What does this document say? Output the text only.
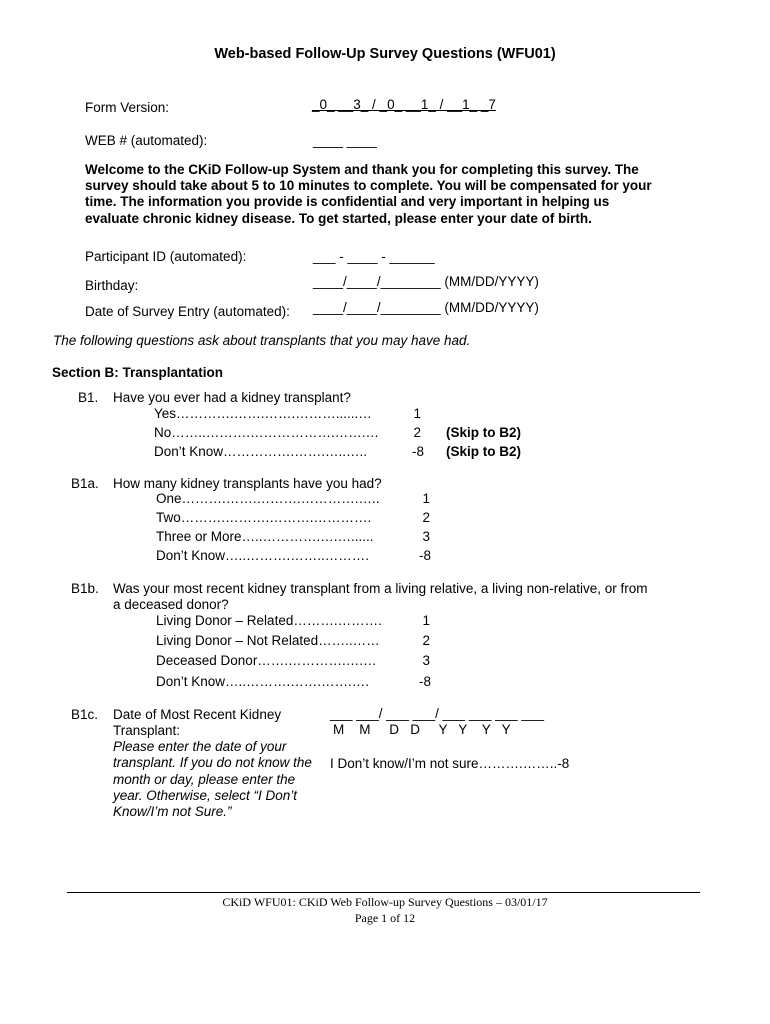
Web-based Follow-Up Survey Questions (WFU01)
Form Version:	_0_ __3_ / _0_ __1_ / __1_ _7
WEB # (automated):	____ ____
Welcome to the CKiD Follow-up System and thank you for completing this survey. The survey should take about 5 to 10 minutes to complete. You will be compensated for your time. The information you provide is confidential and very important in helping us evaluate chronic kidney disease. To get started, please enter your date of birth.
Participant ID (automated):	___ - ____ - ______
Birthday:	____/____/________ (MM/DD/YYYY)
Date of Survey Entry (automated): ____/____/________ (MM/DD/YYYY)
The following questions ask about transplants that you may have had.
Section B: Transplantation
B1. Have you ever had a kidney transplant?
Yes………….…….…….………......…	1
No……..……….……………….…….…	2 (Skip to B2)
Don’t Know…………….…….…..…..	-8 (Skip to B2)
B1a. How many kidney transplants have you had?
One……….…….……….………….…..	1
Two……….……….……….………….	2
Three or More…..………….….…......	3
Don’t Know…..……….……..……….	-8
B1b. Was your most recent kidney transplant from a living relative, a living non-relative, or from
a deceased donor?
Living Donor – Related……….……….	1
Living Donor – Not Related……..……	2
Deceased Donor…….………….….…	3
Don’t Know…..……….…….…….….	-8
B1c. Date of Most Recent Kidney
Transplant:
Please enter the date of your transplant. If you do not know the month or day, please enter the year. Otherwise, select “I Don’t Know/I’m not Sure.”
___ ___/ ___ ___/ ___ ___ ___ ___
M    M     D   D     Y   Y    Y   Y
I Don’t know/I’m not sure……….……..-8
CKiD WFU01: CKiD Web Follow-up Survey Questions – 03/01/17
Page 1 of 12
